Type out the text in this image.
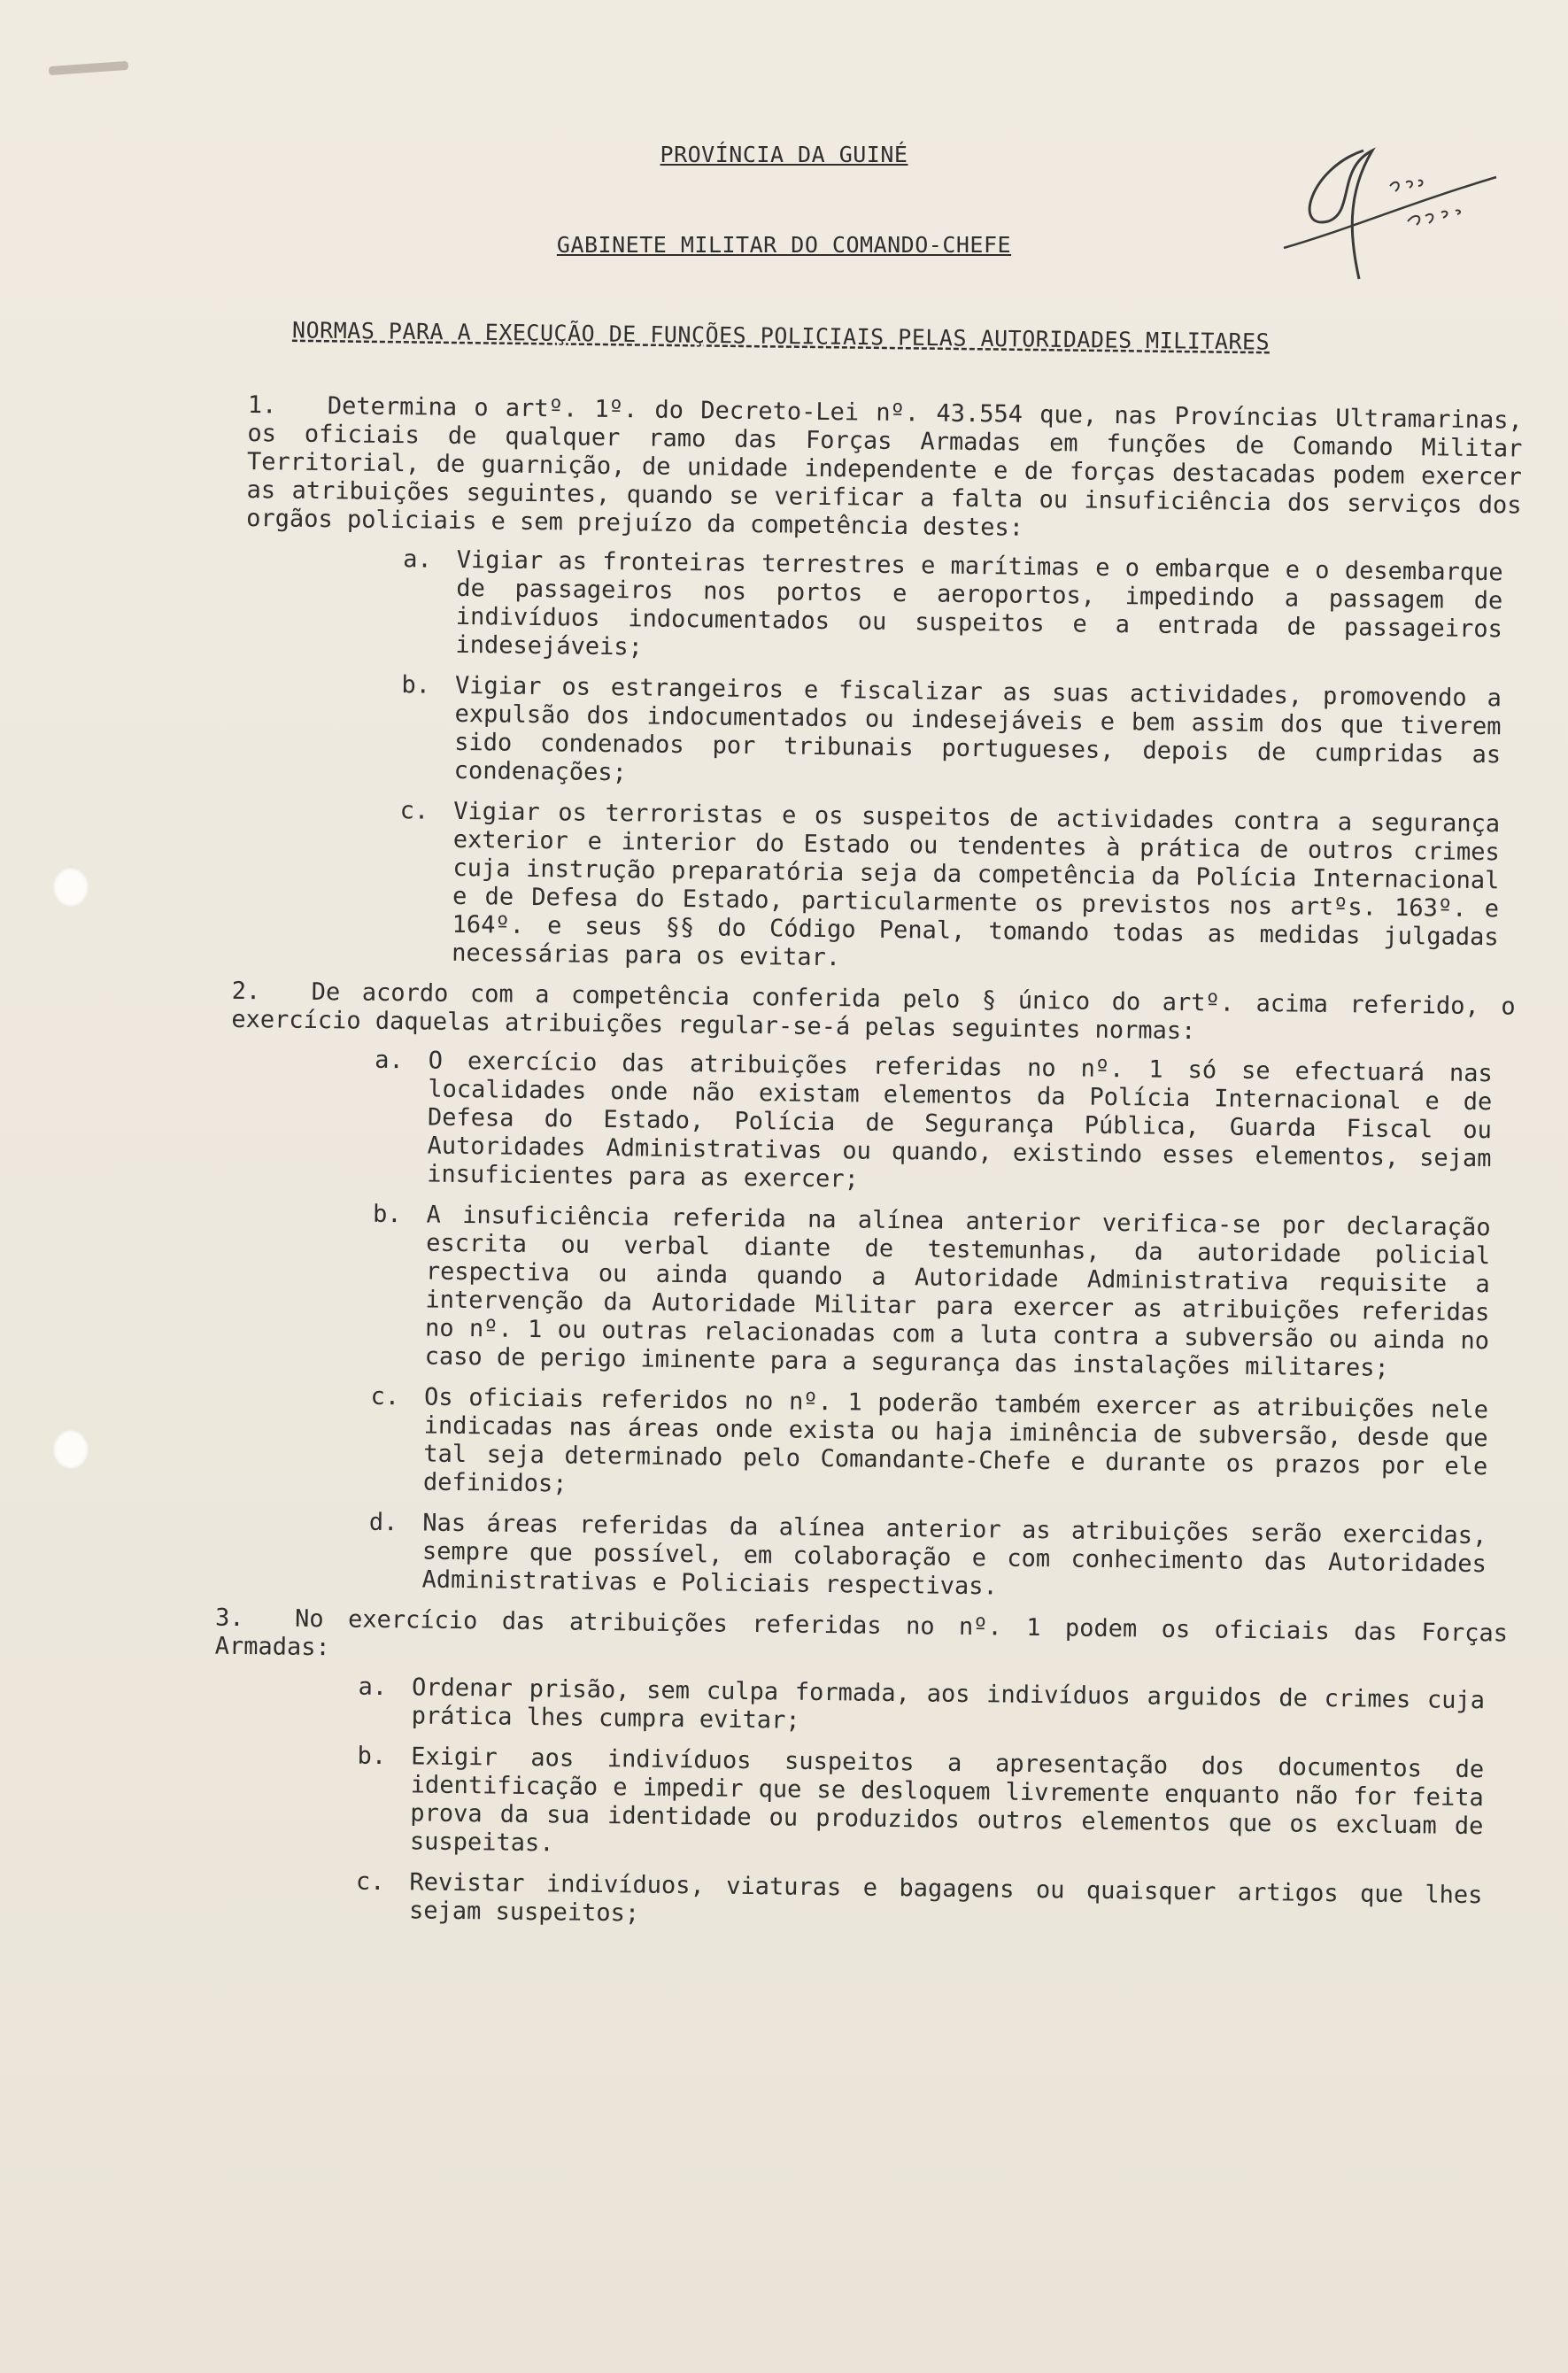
PROVÍNCIA DA GUINÉ
GABINETE MILITAR DO COMANDO-CHEFE
NORMAS PARA A EXECUÇÃO DE FUNÇÕES POLICIAIS PELAS AUTORIDADES MILITARES
1. Determina o artº. 1º. do Decreto-Lei nº. 43.554 que, nas Províncias Ultramarinas, os oficiais de qualquer ramo das Forças Armadas em funções de Comando Militar Territorial, de guarnição, de unidade independente e de forças destacadas podem exercer as atribuições seguintes, quando se verificar a falta ou insuficiência dos serviços dos orgãos policiais e sem prejuízo da competência destes:
a.	Vigiar as fronteiras terrestres e marítimas e o embarque e o desembarque de passageiros nos portos e aeroportos, impedindo a passagem de indivíduos indocumentados ou suspeitos e a entrada de passageiros indesejáveis;
b.	Vigiar os estrangeiros e fiscalizar as suas actividades, promovendo a expulsão dos indocumentados ou indesejáveis e bem assim dos que tiverem sido condenados por tribunais portugueses, depois de cumpridas as condenações;
c.	Vigiar os terroristas e os suspeitos de actividades contra a segurança exterior e interior do Estado ou tendentes à prática de outros crimes cuja instrução preparatória seja da competência da Polícia Internacional e de Defesa do Estado, particularmente os previstos nos artºs. 163º. e 164º. e seus §§ do Código Penal, tomando todas as medidas julgadas necessárias para os evitar.
2. De acordo com a competência conferida pelo § único do artº. acima referido, o exercício daquelas atribuições regular-se-á pelas seguintes normas:
a.	O exercício das atribuições referidas no nº. 1 só se efectuará nas localidades onde não existam elementos da Polícia Internacional e de Defesa do Estado, Polícia de Segurança Pública, Guarda Fiscal ou Autoridades Administrativas ou quando, existindo esses elementos, sejam insuficientes para as exercer;
b.	A insuficiência referida na alínea anterior verifica-se por declaração escrita ou verbal diante de testemunhas, da autoridade policial respectiva ou ainda quando a Autoridade Administrativa requisite a intervenção da Autoridade Militar para exercer as atribuições referidas no nº. 1 ou outras relacionadas com a luta contra a subversão ou ainda no caso de perigo iminente para a segurança das instalações militares;
c.	Os oficiais referidos no nº. 1 poderão também exercer as atribuições nele indicadas nas áreas onde exista ou haja iminência de subversão, desde que tal seja determinado pelo Comandante-Chefe e durante os prazos por ele definidos;
d.	Nas áreas referidas da alínea anterior as atribuições serão exercidas, sempre que possível, em colaboração e com conhecimento das Autoridades Administrativas e Policiais respectivas.
3. No exercício das atribuições referidas no nº. 1 podem os oficiais das Forças Armadas:
a.	Ordenar prisão, sem culpa formada, aos indivíduos arguidos de crimes cuja prática lhes cumpra evitar;
b.	Exigir aos indivíduos suspeitos a apresentação dos documentos de identificação e impedir que se desloquem livremente enquanto não for feita prova da sua identidade ou produzidos outros elementos que os excluam de suspeitas.
c.	Revistar indivíduos, viaturas e bagagens ou quaisquer artigos que lhes sejam suspeitos;
